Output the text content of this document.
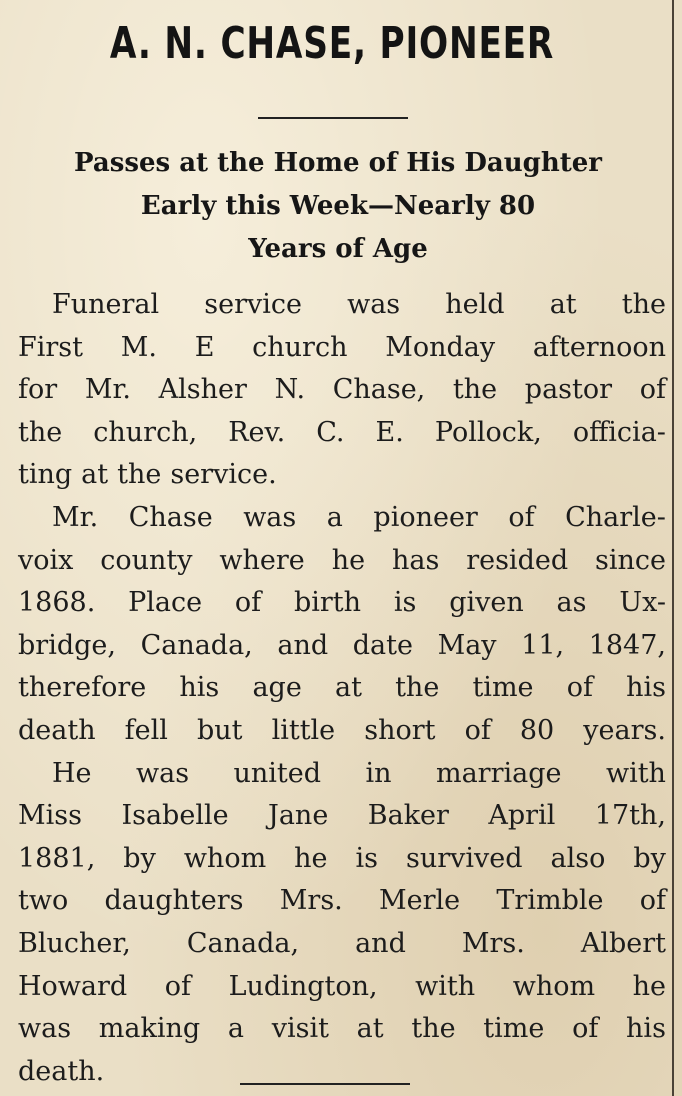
A. N. CHASE, PIONEER
Passes at the Home of His Daughter
Early this Week—Nearly 80
Years of Age
Funeral service was held at the
First M. E church Monday afternoon
for Mr. Alsher N. Chase, the pastor of
the church, Rev. C. E. Pollock, officia-
ting at the service.
Mr. Chase was a pioneer of Charle-
voix county where he has resided since
1868. Place of birth is given as Ux-
bridge, Canada, and date May 11, 1847,
therefore his age at the time of his
death fell but little short of 80 years.
He was united in marriage with
Miss Isabelle Jane Baker April 17th,
1881, by whom he is survived also by
two daughters Mrs. Merle Trimble of
Blucher, Canada, and Mrs. Albert
Howard of Ludington, with whom he
was making a visit at the time of his
death.
